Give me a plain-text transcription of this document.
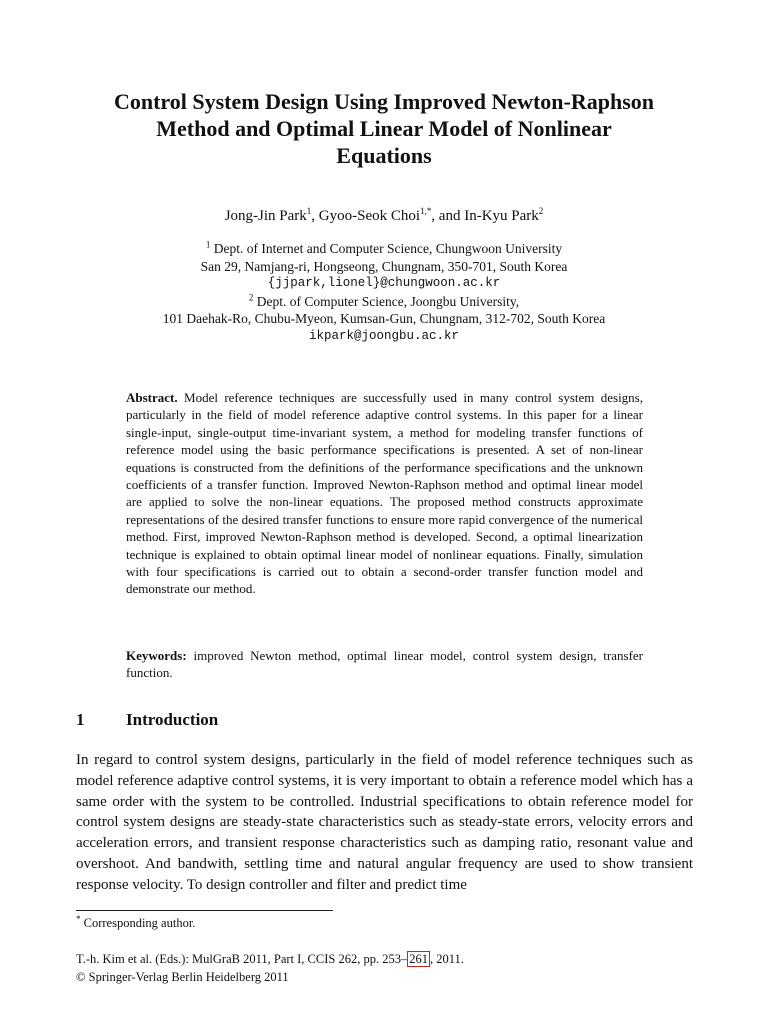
Control System Design Using Improved Newton-Raphson
Method and Optimal Linear Model of Nonlinear
Equations
Jong-Jin Park$^1$, Gyoo-Seok Choi$^{1,*}$, and In-Kyu Park$^2$
$^1$ Dept. of Internet and Computer Science, Chungwoon University
San 29, Namjang-ri, Hongseong, Chungnam, 350-701, South Korea
{jjpark,lionel}@chungwoon.ac.kr
$^2$ Dept. of Computer Science, Joongbu University,
101 Daehak-Ro, Chubu-Myeon, Kumsan-Gun, Chungnam, 312-702, South Korea
ikpark@joongbu.ac.kr
Abstract. Model reference techniques are successfully used in many control system designs, particularly in the field of model reference adaptive control systems. In this paper for a linear single-input, single-output time-invariant system, a method for modeling transfer functions of reference model using the basic performance specifications is presented. A set of non-linear equations is constructed from the definitions of the performance specifications and the unknown coefficients of a transfer function. Improved Newton-Raphson method and optimal linear model are applied to solve the non-linear equations. The proposed method constructs approximate representations of the desired transfer functions to ensure more rapid convergence of the numerical method. First, improved Newton-Raphson method is developed. Second, a optimal linearization technique is explained to obtain optimal linear model of nonlinear equations. Finally, simulation with four specifications is carried out to obtain a second-order transfer function model and demonstrate our method.
Keywords: improved Newton method, optimal linear model, control system design, transfer function.
1 Introduction
In regard to control system designs, particularly in the field of model reference techniques such as model reference adaptive control systems, it is very important to obtain a reference model which has a same order with the system to be controlled. Industrial specifications to obtain reference model for control system designs are steady-state characteristics such as steady-state errors, velocity errors and acceleration errors, and transient response characteristics such as damping ratio, resonant value and overshoot. And bandwith, settling time and natural angular frequency are used to show transient response velocity. To design controller and filter and predict time
* Corresponding author.
T.-h. Kim et al. (Eds.): MulGraB 2011, Part I, CCIS 262, pp. 253– 261 , 2011.
© Springer-Verlag Berlin Heidelberg 2011
